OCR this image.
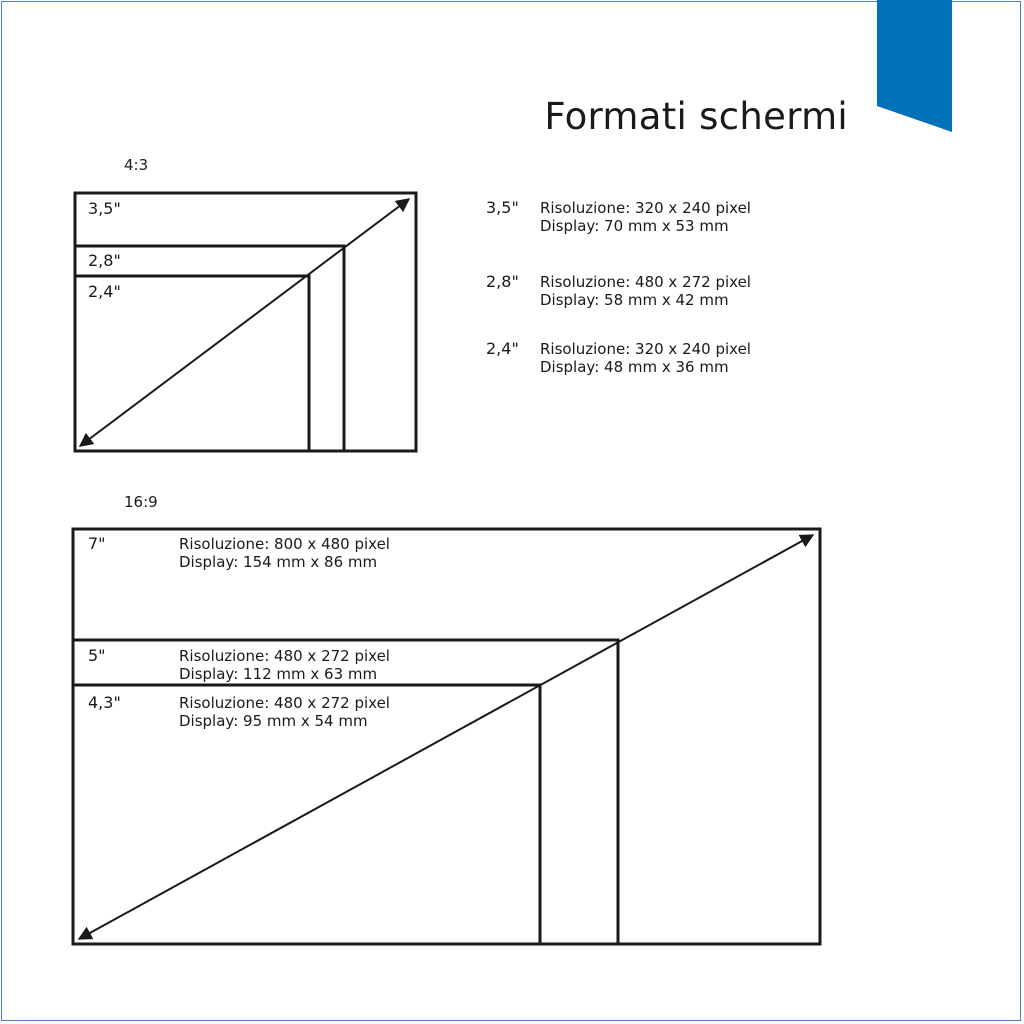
Formati schermi
4:3
3,5"
2,8"
2,4"
3,5" Risoluzione: 320 x 240 pixel
Display: 70 mm x 53 mm
2,8" Risoluzione: 480 x 272 pixel
Display: 58 mm x 42 mm
2,4" Risoluzione: 320 x 240 pixel
Display: 48 mm x 36 mm
16:9
7"	Risoluzione: 800 x 480 pixel
Display: 154 mm x 86 mm
5"	Risoluzione: 480 x 272 pixel
Display: 112 mm x 63 mm
4,3"	Risoluzione: 480 x 272 pixel
Display: 95 mm x 54 mm
